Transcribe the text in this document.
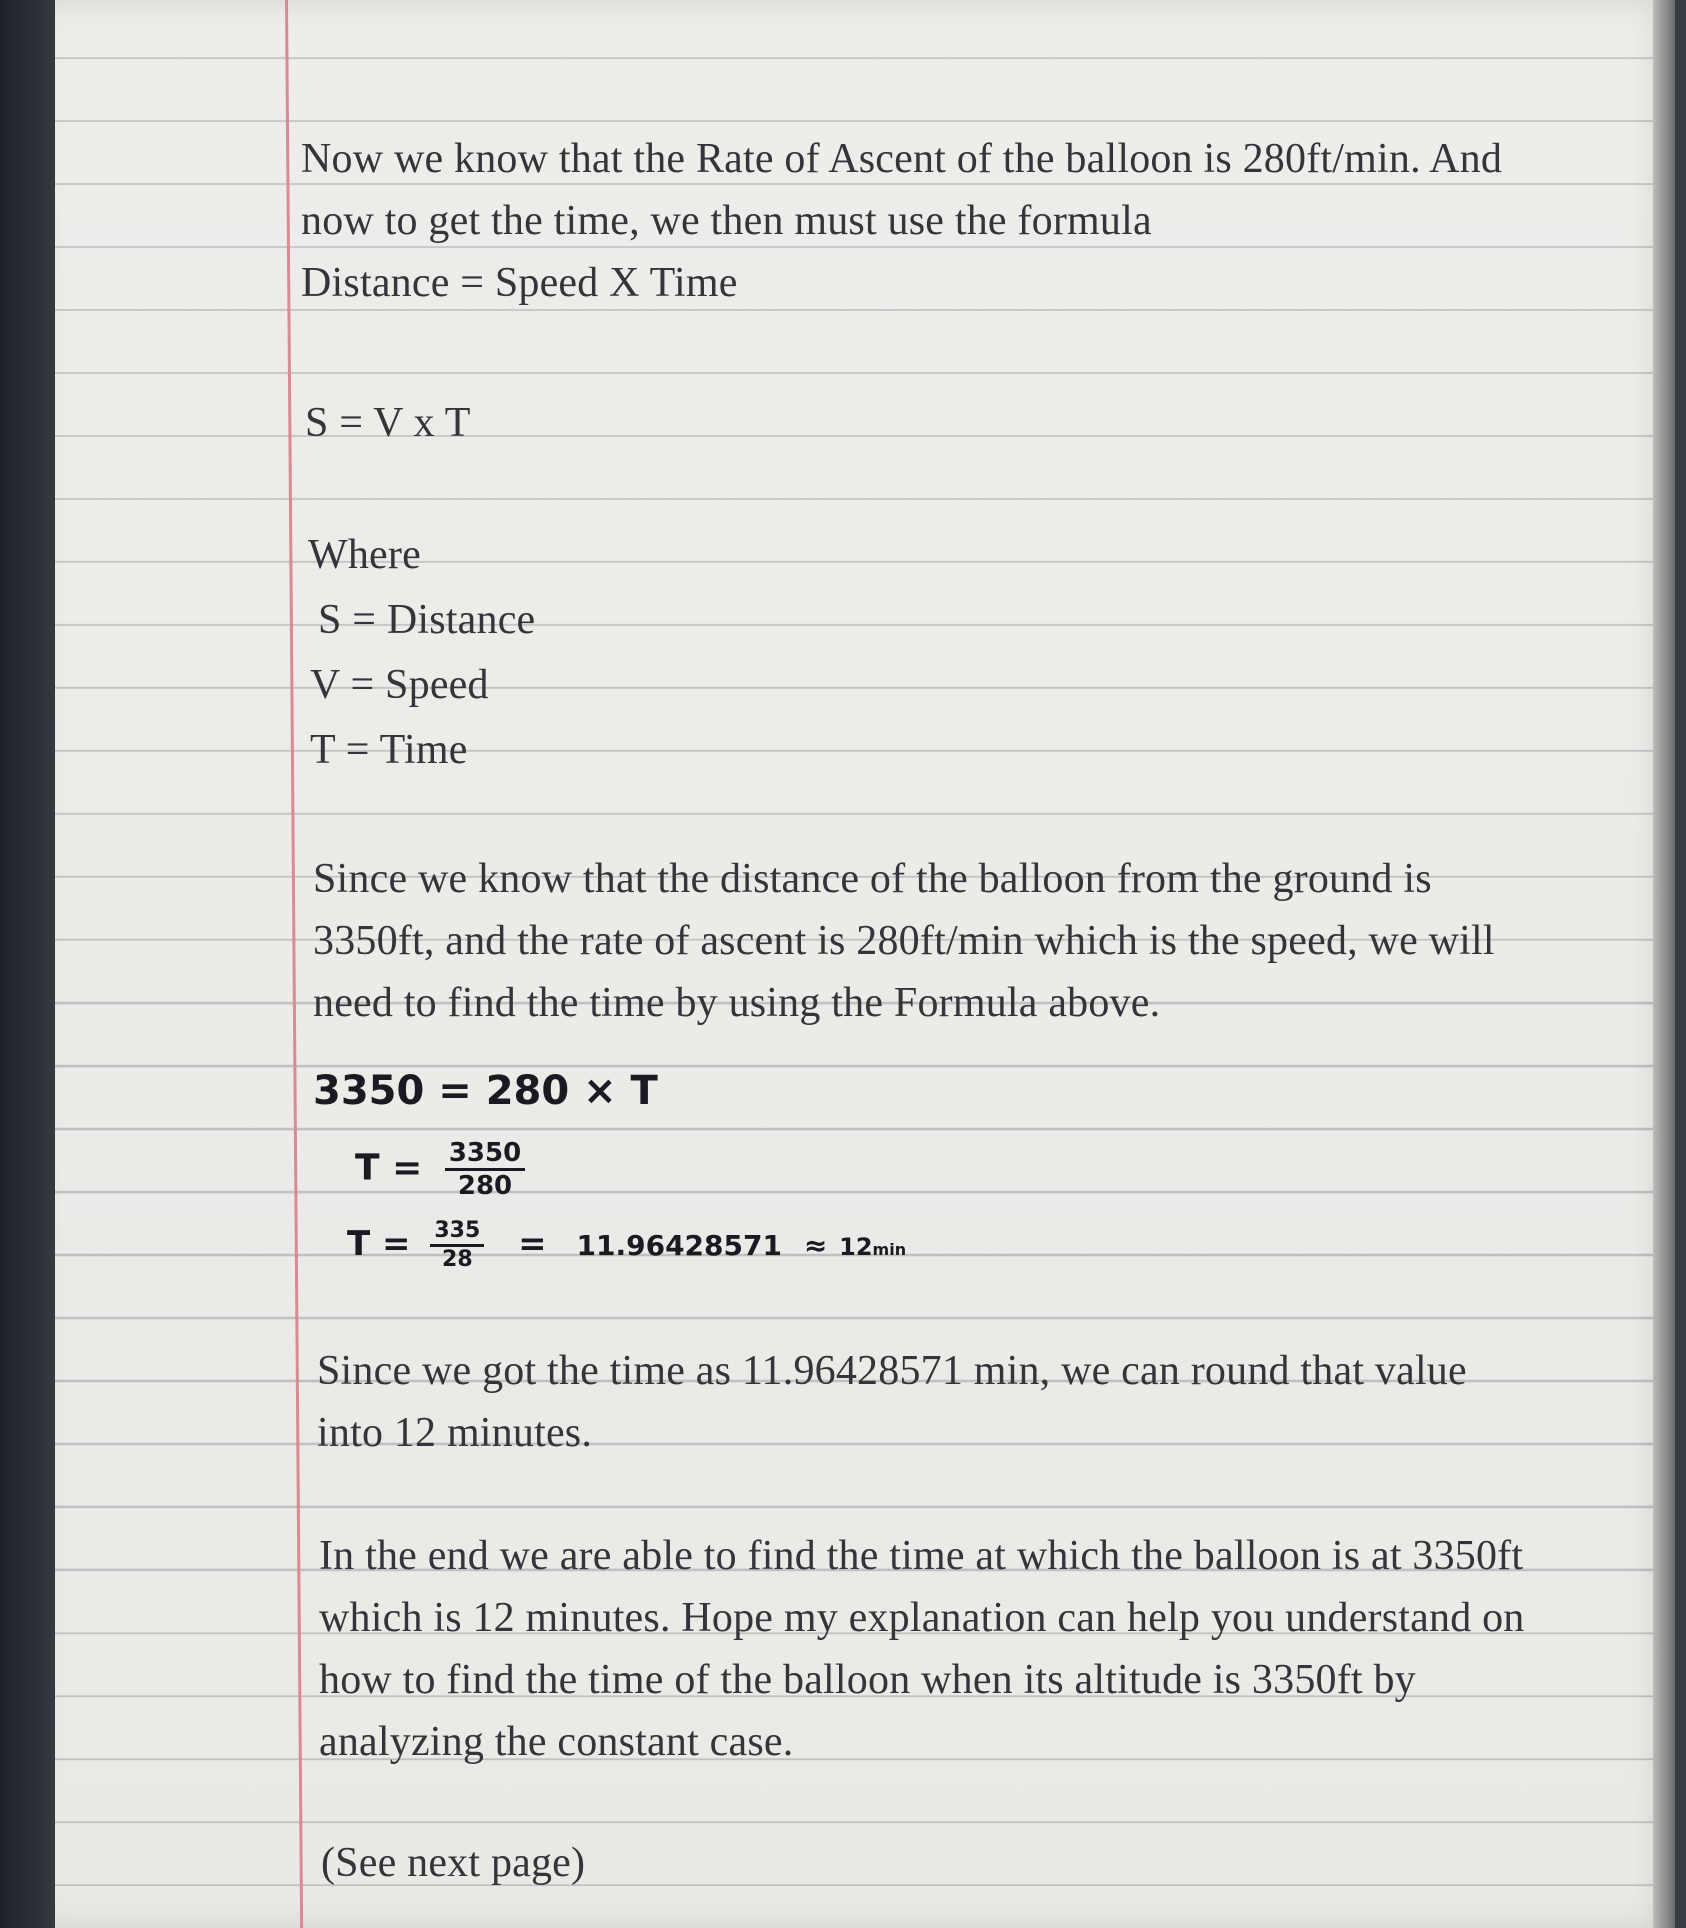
Now we know that the Rate of Ascent of the balloon is 280ft/min. And
now to get the time, we then must use the formula
Distance = Speed X Time
S = V x T
Where
S = Distance
V = Speed
T = Time
Since we know that the distance of the balloon from the ground is
3350ft, and the rate of ascent is 280ft/min which is the speed, we will
need to find the time by using the Formula above.
3350 = 280 × T
$T = \frac{3350}{280}$
$T = \frac{335}{28} = 11.96428571 \approx 12\min$
Since we got the time as 11.96428571 min, we can round that value
into 12 minutes.
In the end we are able to find the time at which the balloon is at 3350ft
which is 12 minutes. Hope my explanation can help you understand on
how to find the time of the balloon when its altitude is 3350ft by
analyzing the constant case.
(See next page)
